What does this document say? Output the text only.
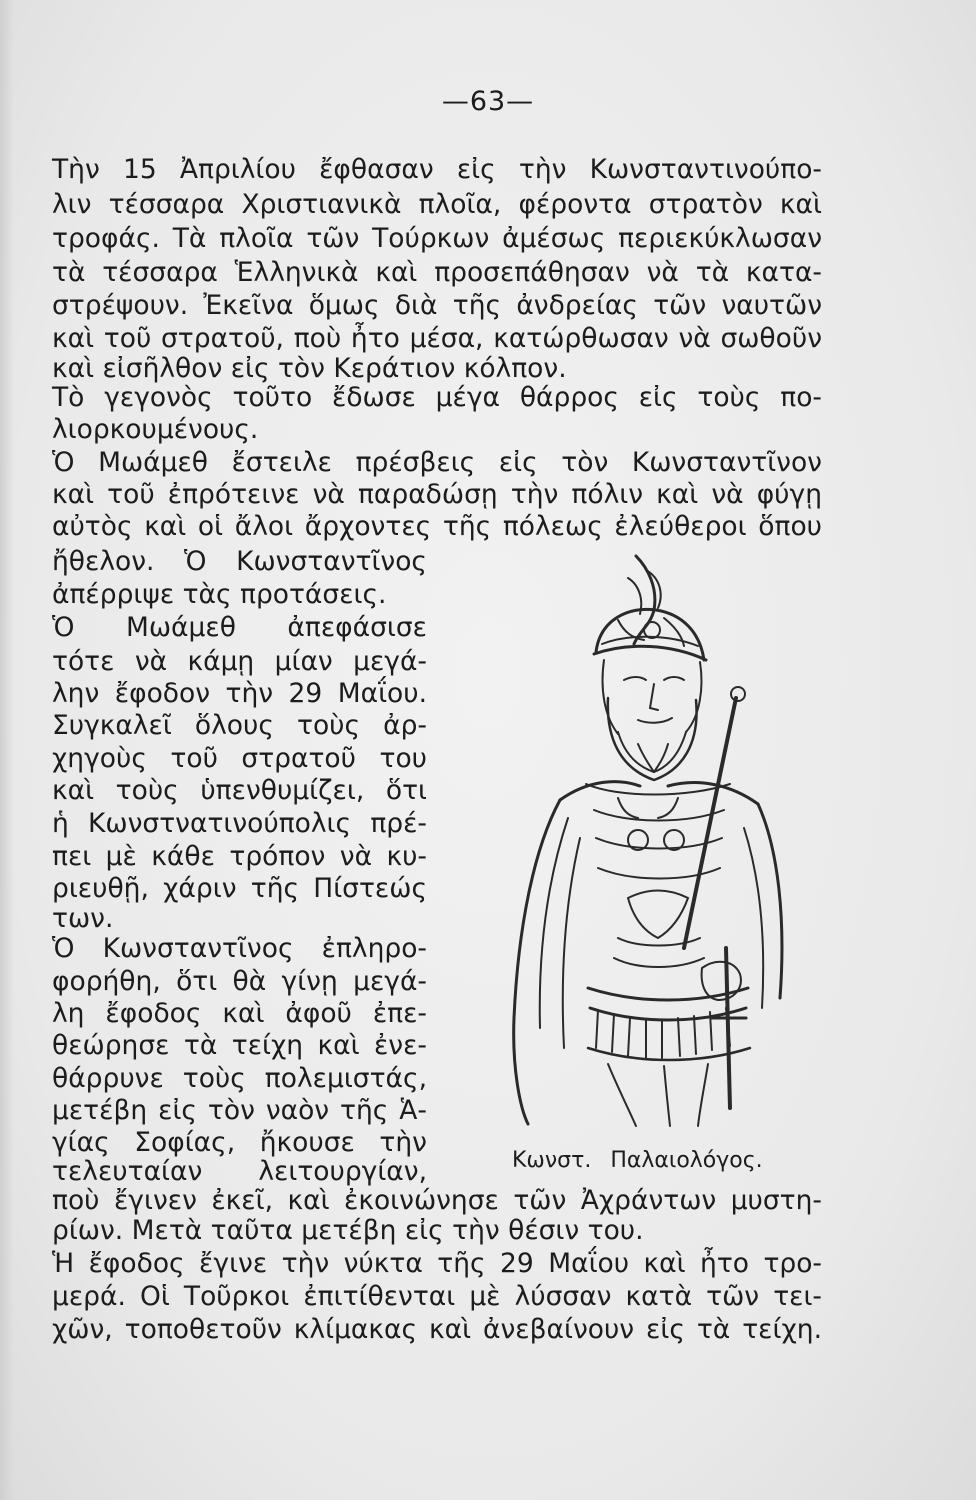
—63—
Τὴν 15 Ἀπριλίου ἔφθασαν εἰς τὴν Κωνσταντινούπο-
λιν τέσσαρα Χριστιανικὰ πλοῖα, φέροντα στρατὸν καὶ
τροφάς. Τὰ πλοῖα τῶν Τούρκων ἀμέσως περιεκύκλωσαν
τὰ τέσσαρα Ἑλληνικὰ καὶ προσεπάθησαν νὰ τὰ κατα-
στρέψουν. Ἐκεῖνα ὅμως διὰ τῆς ἀνδρείας τῶν ναυτῶν
καὶ τοῦ στρατοῦ, ποὺ ἦτο μέσα, κατώρθωσαν νὰ σωθοῦν
καὶ εἰσῆλθον εἰς τὸν Κεράτιον κόλπον.
Τὸ γεγονὸς τοῦτο ἔδωσε μέγα θάρρος εἰς τοὺς πο-
λιορκουμένους.
Ὁ Μωάμεθ ἔστειλε πρέσβεις εἰς τὸν Κωνσταντῖνον
καὶ τοῦ ἐπρότεινε νὰ παραδώσῃ τὴν πόλιν καὶ νὰ φύγῃ
αὐτὸς καὶ οἱ ἄλοι ἄρχοντες τῆς πόλεως ἐλεύθεροι ὅπου
ἤθελον. Ὁ Κωνσταντῖνος
ἀπέρριψε τὰς προτάσεις.
Ὁ Μωάμεθ ἀπεφάσισε
τότε νὰ κάμῃ μίαν μεγά-
λην ἔφοδον τὴν 29 Μαΐου.
Συγκαλεῖ ὅλους τοὺς ἀρ-
χηγοὺς τοῦ στρατοῦ του
καὶ τοὺς ὑπενθυμίζει, ὅτι
ἡ Κωνστνατινούπολις πρέ-
πει μὲ κάθε τρόπον νὰ κυ-
ριευθῇ, χάριν τῆς Πίστεώς
των.
Ὁ Κωνσταντῖνος ἐπληρο-
φορήθη, ὅτι θὰ γίνῃ μεγά-
λη ἔφοδος καὶ ἀφοῦ ἐπε-
θεώρησε τὰ τείχη καὶ ἐνε-
θάρρυνε τοὺς πολεμιστάς,
μετέβη εἰς τὸν ναὸν τῆς Ἁ-
γίας Σοφίας, ἤκουσε τὴν
τελευταίαν λειτουργίαν,
ποὺ ἔγινεν ἐκεῖ, καὶ ἐκοινώνησε τῶν Ἀχράντων μυστη-
ρίων. Μετὰ ταῦτα μετέβη εἰς τὴν θέσιν του.
Ἡ ἔφοδος ἔγινε τὴν νύκτα τῆς 29 Μαΐου καὶ ἦτο τρο-
μερά. Οἱ Τοῦρκοι ἐπιτίθενται μὲ λύσσαν κατὰ τῶν τει-
χῶν, τοποθετοῦν κλίμακας καὶ ἀνεβαίνουν εἰς τὰ τείχη.
Κωνστ. Παλαιολόγος.
